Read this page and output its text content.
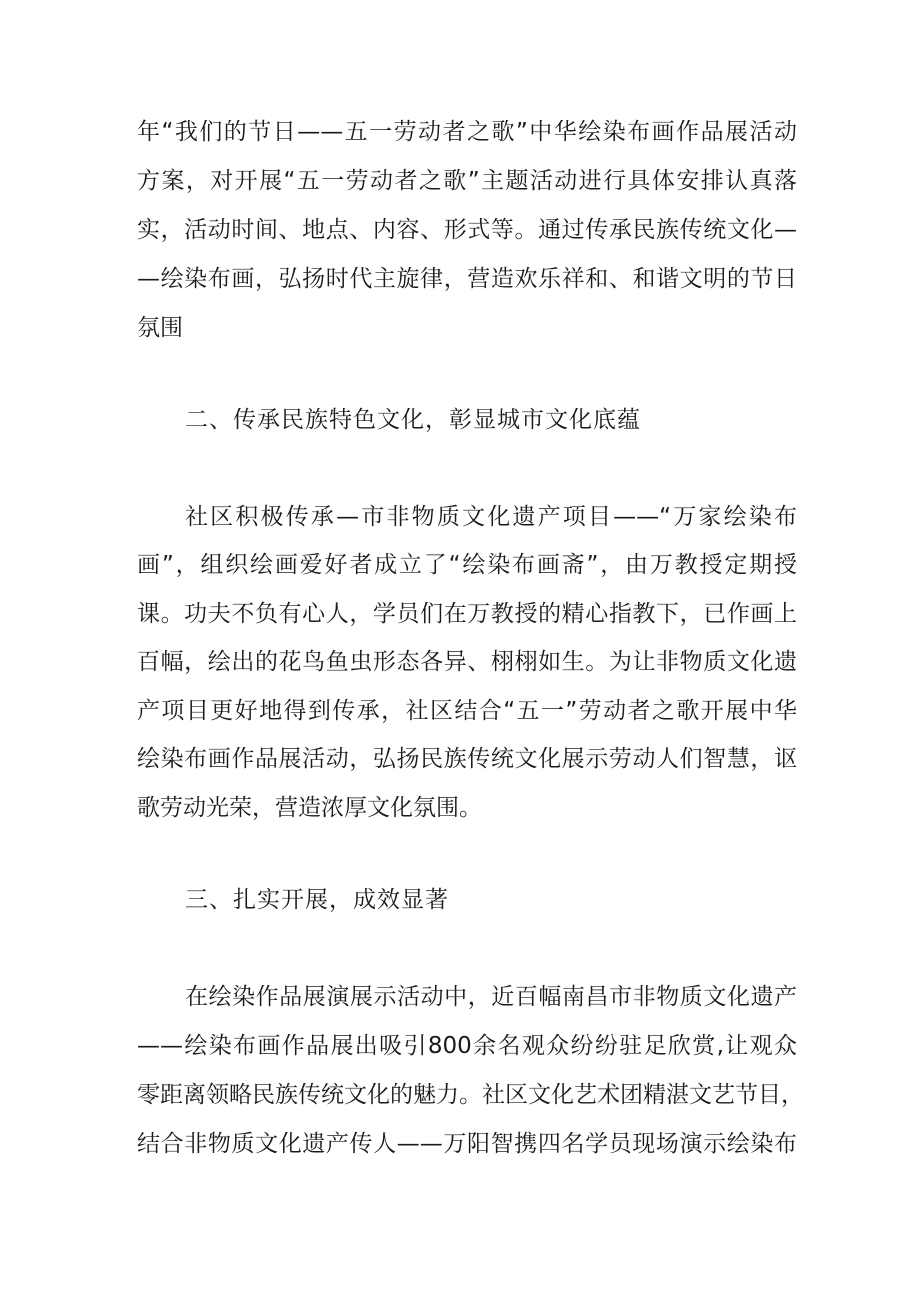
年“我们的节日——五一劳动者之歌”中华绘染布画作品展活动
方案，对开展“五一劳动者之歌”主题活动进行具体安排认真落
实，活动时间、地点、内容、形式等。通过传承民族传统文化—
—绘染布画，弘扬时代主旋律，营造欢乐祥和、和谐文明的节日
氛围
二、传承民族特色文化，彰显城市文化底蕴
社区积极传承—市非物质文化遗产项目——“万家绘染布
画”，组织绘画爱好者成立了“绘染布画斋”，由万教授定期授
课。功夫不负有心人，学员们在万教授的精心指教下，已作画上
百幅，绘出的花鸟鱼虫形态各异、栩栩如生。为让非物质文化遗
产项目更好地得到传承，社区结合“五一”劳动者之歌开展中华
绘染布画作品展活动，弘扬民族传统文化展示劳动人们智慧，讴
歌劳动光荣，营造浓厚文化氛围。
三、扎实开展，成效显著
在绘染作品展演展示活动中，近百幅南昌市非物质文化遗产
——绘染布画作品展出吸引800余名观众纷纷驻足欣赏,让观众
零距离领略民族传统文化的魅力。社区文化艺术团精湛文艺节目，
结合非物质文化遗产传人——万阳智携四名学员现场演示绘染布
